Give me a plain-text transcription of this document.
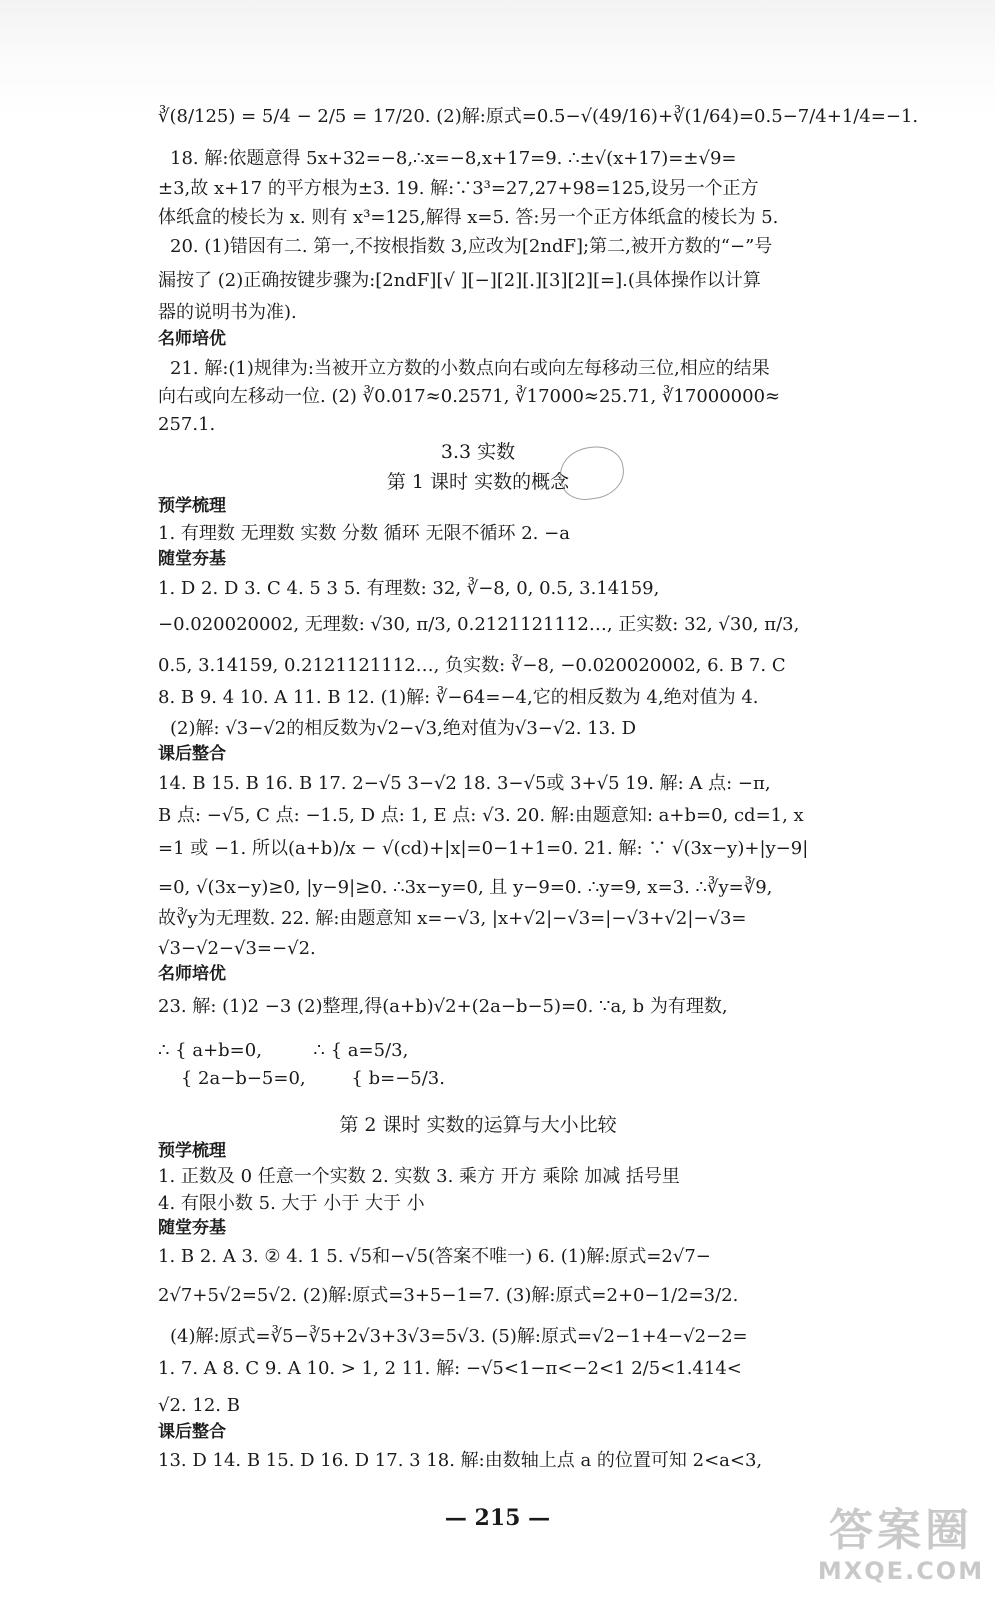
∛(8/125) = 5/4 − 2/5 = 17/20. (2)解:原式=0.5−√(49/16)+∛(1/64)=0.5−7/4+1/4=−1.
18. 解:依题意得 5x+32=−8,∴x=−8,x+17=9. ∴±√(x+17)=±√9=
±3,故 x+17 的平方根为±3. 19. 解:∵3³=27,27+98=125,设另一个正方
体纸盒的棱长为 x. 则有 x³=125,解得 x=5. 答:另一个正方体纸盒的棱长为 5.
20. (1)错因有二. 第一,不按根指数 3,应改为[2ndF];第二,被开方数的“−”号
漏按了 (2)正确按键步骤为:[2ndF][√ ][−][2][.][3][2][=].(具体操作以计算
器的说明书为准).
名师培优
21. 解:(1)规律为:当被开立方数的小数点向右或向左每移动三位,相应的结果
向右或向左移动一位. (2) ∛0.017≈0.2571, ∛17000≈25.71, ∛17000000≈
257.1.
3.3 实数
第 1 课时 实数的概念
预学梳理
1. 有理数 无理数 实数 分数 循环 无限不循环 2. −a
随堂夯基
1. D 2. D 3. C 4. 5 3 5. 有理数: 32, ∛−8, 0, 0.5, 3.14159,
−0.020020002, 无理数: √30, π/3, 0.2121121112…, 正实数: 32, √30, π/3,
0.5, 3.14159, 0.2121121112…, 负实数: ∛−8, −0.020020002, 6. B 7. C
8. B 9. 4 10. A 11. B 12. (1)解: ∛−64=−4,它的相反数为 4,绝对值为 4.
(2)解: √3−√2的相反数为√2−√3,绝对值为√3−√2. 13. D
课后整合
14. B 15. B 16. B 17. 2−√5 3−√2 18. 3−√5或 3+√5 19. 解: A 点: −π,
B 点: −√5, C 点: −1.5, D 点: 1, E 点: √3. 20. 解:由题意知: a+b=0, cd=1, x
=1 或 −1. 所以(a+b)/x − √(cd)+|x|=0−1+1=0. 21. 解: ∵ √(3x−y)+|y−9|
=0, √(3x−y)≥0, |y−9|≥0. ∴3x−y=0, 且 y−9=0. ∴y=9, x=3. ∴∛y=∛9,
故∛y为无理数. 22. 解:由题意知 x=−√3, |x+√2|−√3=|−√3+√2|−√3=
√3−√2−√3=−√2.
名师培优
23. 解: (1)2 −3 (2)整理,得(a+b)√2+(2a−b−5)=0. ∵a, b 为有理数,
∴ { a+b=0,         ∴ { a=5/3,
{ 2a−b−5=0,        { b=−5/3.
第 2 课时 实数的运算与大小比较
预学梳理
1. 正数及 0 任意一个实数 2. 实数 3. 乘方 开方 乘除 加减 括号里
4. 有限小数 5. 大于 小于 大于 小
随堂夯基
1. B 2. A 3. ② 4. 1 5. √5和−√5(答案不唯一) 6. (1)解:原式=2√7−
2√7+5√2=5√2. (2)解:原式=3+5−1=7. (3)解:原式=2+0−1/2=3/2.
(4)解:原式=∛5−∛5+2√3+3√3=5√3. (5)解:原式=√2−1+4−√2−2=
1. 7. A 8. C 9. A 10. > 1, 2 11. 解: −√5<1−π<−2<1 2/5<1.414<
√2. 12. B
课后整合
13. D 14. B 15. D 16. D 17. 3 18. 解:由数轴上点 a 的位置可知 2<a<3,
— 215 —	答案圈
MXQE.COM
